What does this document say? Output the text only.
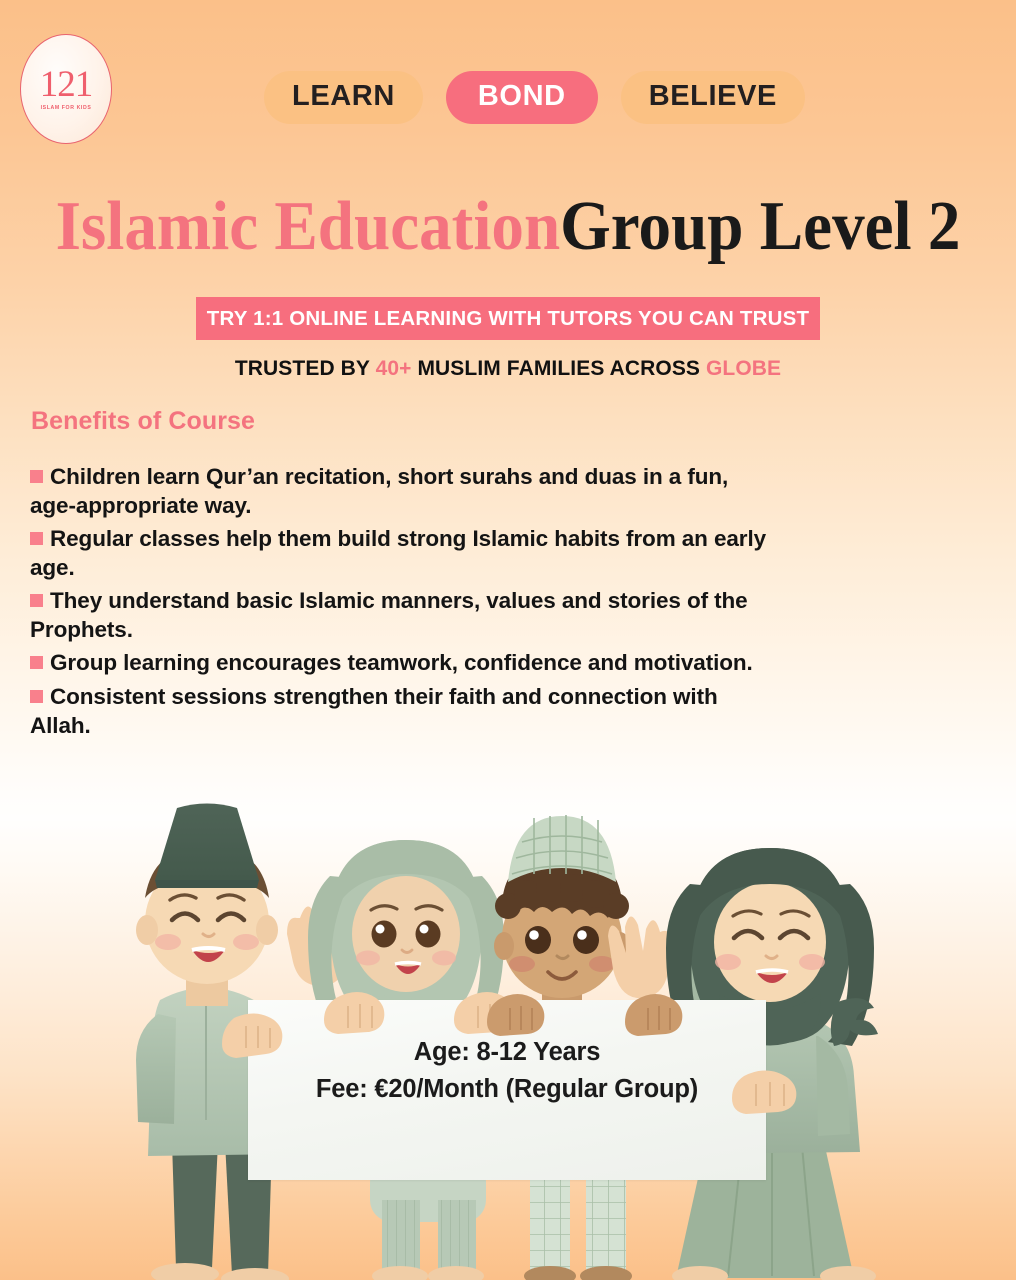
121
ISLAM FOR KIDS	LEARN	BOND	BELIEVE
Islamic EducationGroup Level 2
TRY 1:1 ONLINE LEARNING WITH TUTORS YOU CAN TRUST
TRUSTED BY 40+ MUSLIM FAMILIES ACROSS GLOBE
Benefits of Course
Children learn Qur’an recitation, short surahs and duas in a fun, age-appropriate way.
Regular classes help them build strong Islamic habits from an early age.
They understand basic Islamic manners, values and stories of the Prophets.
Group learning encourages teamwork, confidence and motivation.
Consistent sessions strengthen their faith and connection with Allah.
Age: 8-12 Years
Fee: €20/Month (Regular Group)
